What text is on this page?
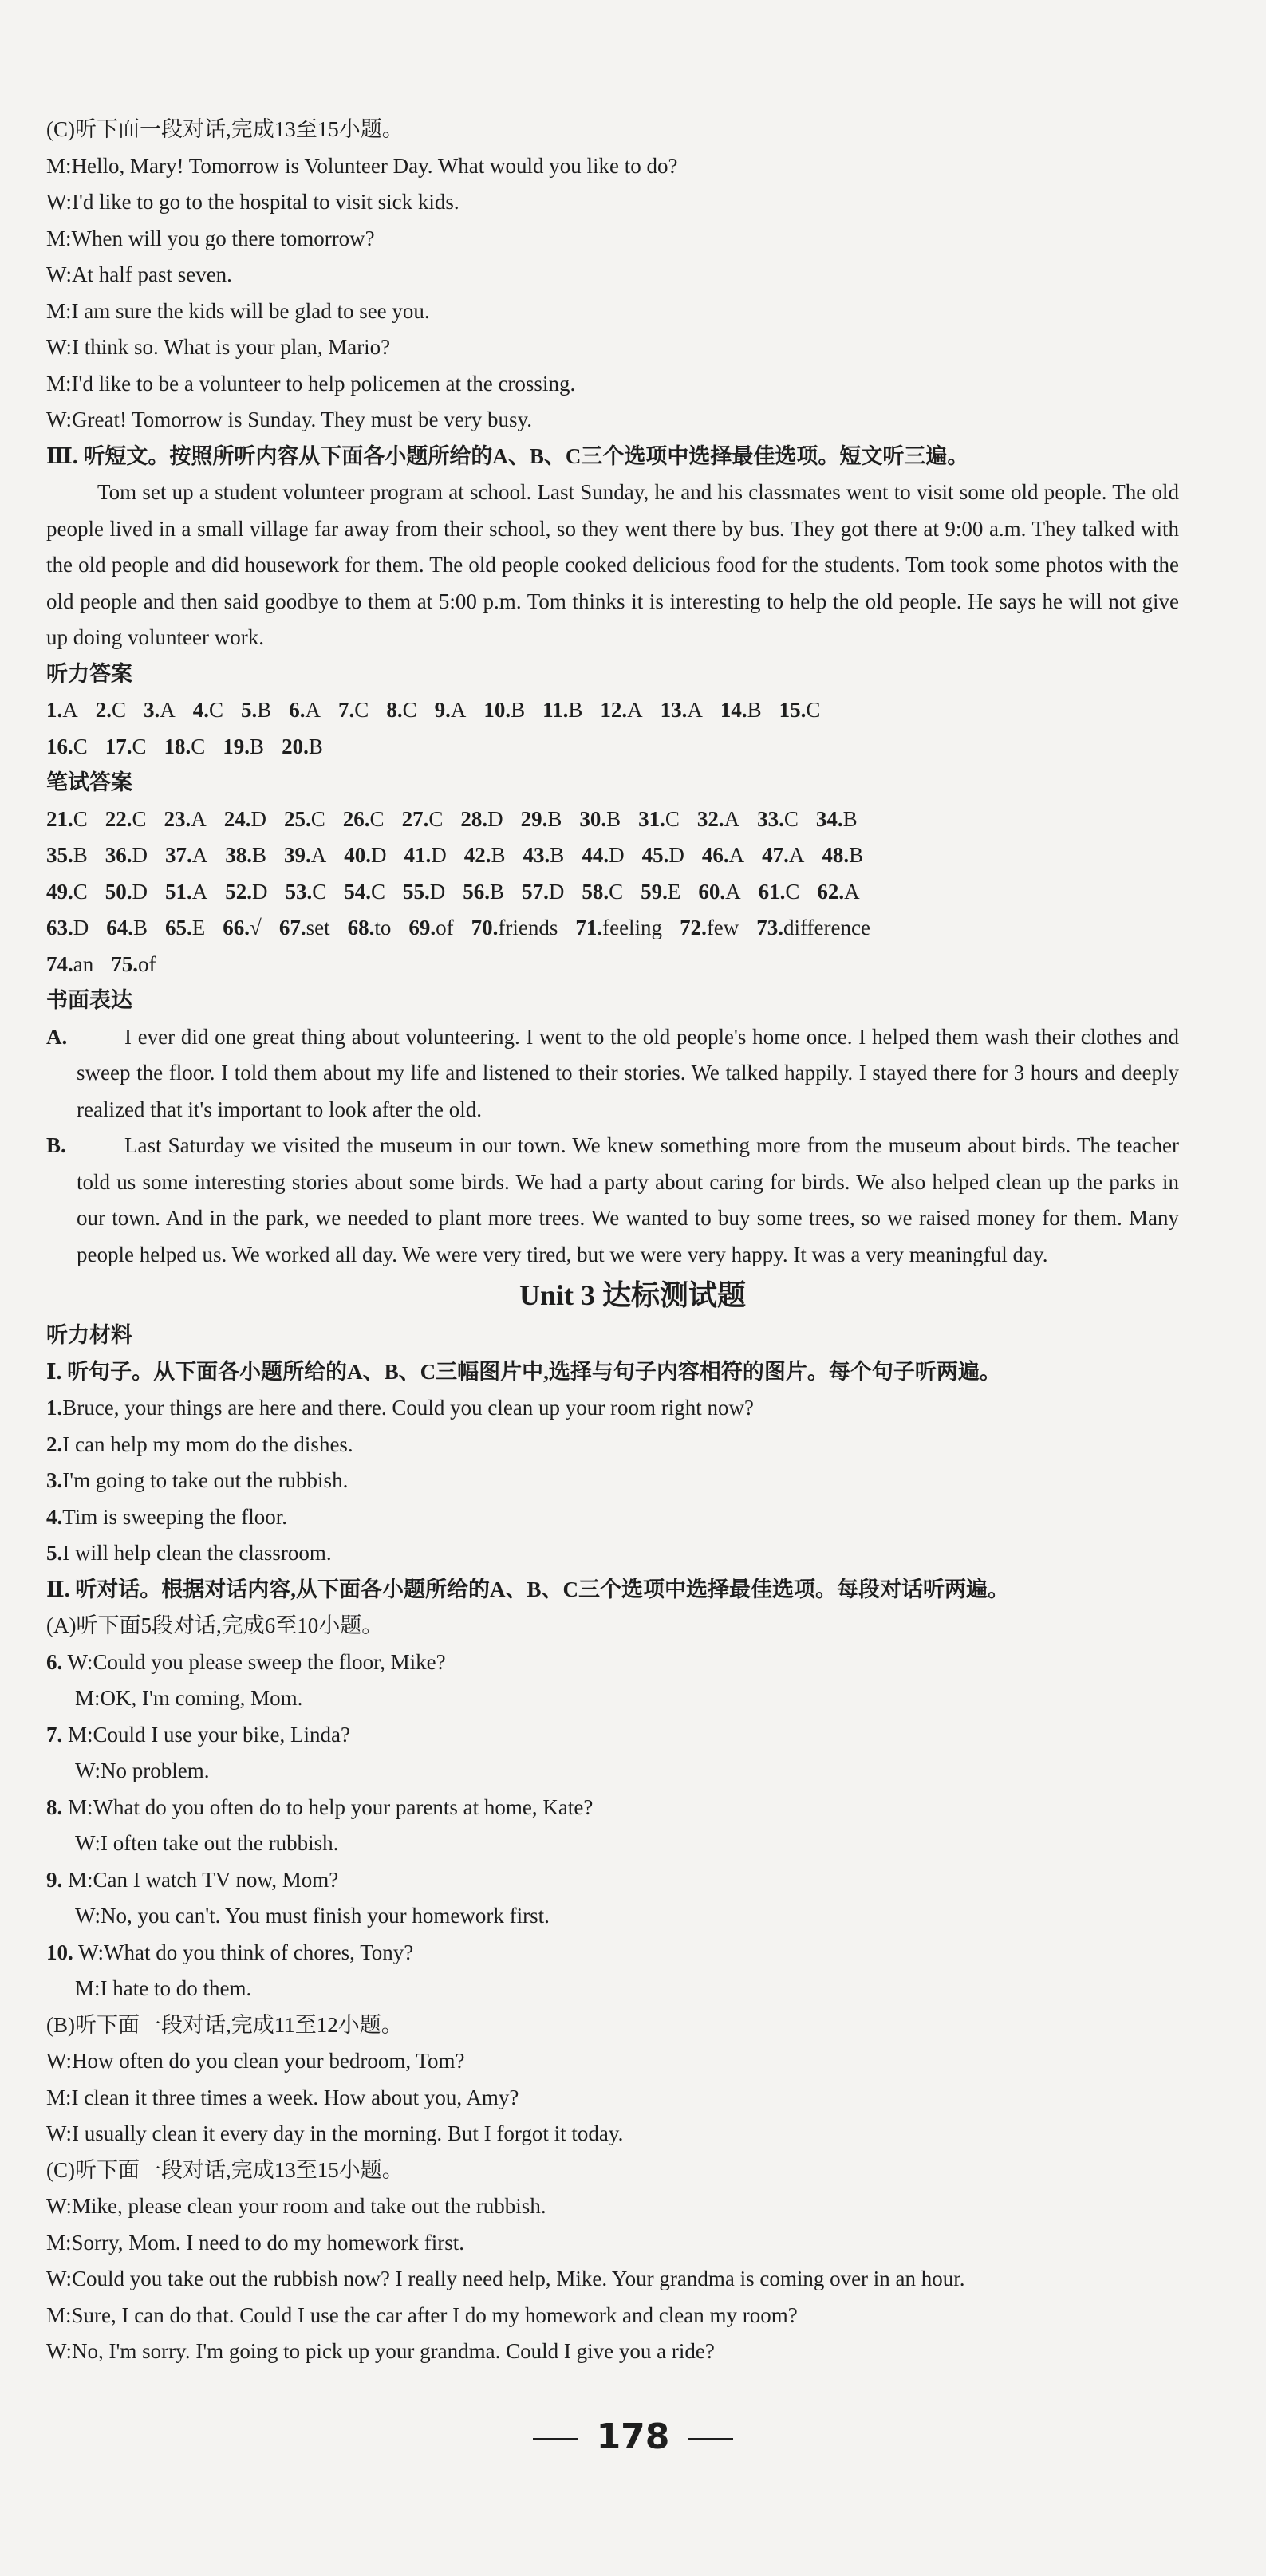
(C)听下面一段对话,完成13至15小题。
M:Hello, Mary! Tomorrow is Volunteer Day. What would you like to do?
W:I'd like to go to the hospital to visit sick kids.
M:When will you go there tomorrow?
W:At half past seven.
M:I am sure the kids will be glad to see you.
W:I think so. What is your plan, Mario?
M:I'd like to be a volunteer to help policemen at the crossing.
W:Great! Tomorrow is Sunday. They must be very busy.
Ⅲ. 听短文。按照所听内容从下面各小题所给的A、B、C三个选项中选择最佳选项。短文听三遍。
Tom set up a student volunteer program at school. Last Sunday, he and his classmates went to visit some old people. The old people lived in a small village far away from their school, so they went there by bus. They got there at 9:00 a.m. They talked with the old people and did housework for them. The old people cooked delicious food for the students. Tom took some photos with the old people and then said goodbye to them at 5:00 p.m. Tom thinks it is interesting to help the old people. He says he will not give up doing volunteer work.
听力答案
1.A 2.C 3.A 4.C 5.B 6.A 7.C 8.C 9.A 10.B 11.B 12.A 13.A 14.B 15.C
16.C 17.C 18.C 19.B 20.B
笔试答案
21.C 22.C 23.A 24.D 25.C 26.C 27.C 28.D 29.B 30.B 31.C 32.A 33.C 34.B
35.B 36.D 37.A 38.B 39.A 40.D 41.D 42.B 43.B 44.D 45.D 46.A 47.A 48.B
49.C 50.D 51.A 52.D 53.C 54.C 55.D 56.B 57.D 58.C 59.E 60.A 61.C 62.A
63.D 64.B 65.E 66.√ 67.set 68.to 69.of 70.friends 71.feeling 72.few 73.difference
74.an 75.of
书面表达
A.	I ever did one great thing about volunteering. I went to the old people's home once. I helped them wash their clothes and sweep the floor. I told them about my life and listened to their stories. We talked happily. I stayed there for 3 hours and deeply realized that it's important to look after the old.
B.	Last Saturday we visited the museum in our town. We knew something more from the museum about birds. The teacher told us some interesting stories about some birds. We had a party about caring for birds. We also helped clean up the parks in our town. And in the park, we needed to plant more trees. We wanted to buy some trees, so we raised money for them. Many people helped us. We worked all day. We were very tired, but we were very happy. It was a very meaningful day.
Unit 3 达标测试题
听力材料
Ⅰ. 听句子。从下面各小题所给的A、B、C三幅图片中,选择与句子内容相符的图片。每个句子听两遍。
1.Bruce, your things are here and there. Could you clean up your room right now?
2.I can help my mom do the dishes.
3.I'm going to take out the rubbish.
4.Tim is sweeping the floor.
5.I will help clean the classroom.
Ⅱ. 听对话。根据对话内容,从下面各小题所给的A、B、C三个选项中选择最佳选项。每段对话听两遍。
(A)听下面5段对话,完成6至10小题。
6. W:Could you please sweep the floor, Mike?
M:OK, I'm coming, Mom.
7. M:Could I use your bike, Linda?
W:No problem.
8. M:What do you often do to help your parents at home, Kate?
W:I often take out the rubbish.
9. M:Can I watch TV now, Mom?
W:No, you can't. You must finish your homework first.
10. W:What do you think of chores, Tony?
M:I hate to do them.
(B)听下面一段对话,完成11至12小题。
W:How often do you clean your bedroom, Tom?
M:I clean it three times a week. How about you, Amy?
W:I usually clean it every day in the morning. But I forgot it today.
(C)听下面一段对话,完成13至15小题。
W:Mike, please clean your room and take out the rubbish.
M:Sorry, Mom. I need to do my homework first.
W:Could you take out the rubbish now? I really need help, Mike. Your grandma is coming over in an hour.
M:Sure, I can do that. Could I use the car after I do my homework and clean my room?
W:No, I'm sorry. I'm going to pick up your grandma. Could I give you a ride?
178
